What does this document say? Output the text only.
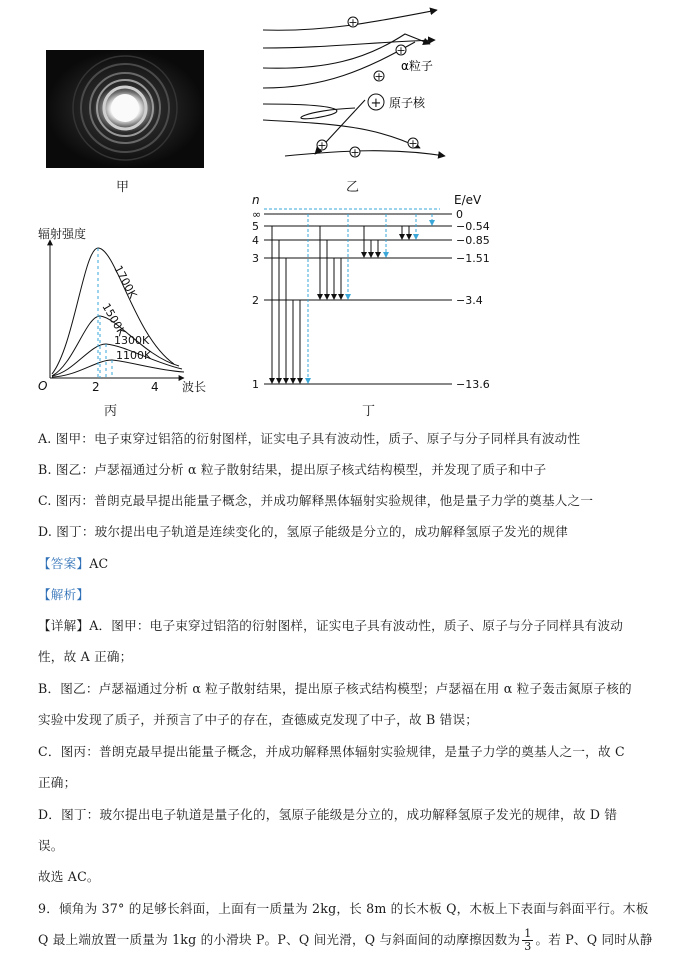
甲
+
+
+
+
+
+
+
α粒子
原子核
乙
辐射强度
波长
O	2	4
1700K
1500K
1300K
1100K
丙
∞	0
5	−0.54
4	−0.85
3	−1.51
2	−3.4
1	−13.6
n	E/eV
丁
A. 图甲：电子束穿过铝箔的衍射图样，证实电子具有波动性，质子、原子与分子同样具有波动性
B. 图乙：卢瑟福通过分析 α 粒子散射结果，提出原子核式结构模型，并发现了质子和中子
C. 图丙：普朗克最早提出能量子概念，并成功解释黑体辐射实验规律，他是量子力学的奠基人之一
D. 图丁：玻尔提出电子轨道是连续变化的，氢原子能级是分立的，成功解释氢原子发光的规律
【答案】AC
【解析】
【详解】A．图甲：电子束穿过铝箔的衍射图样，证实电子具有波动性，质子、原子与分子同样具有波动
性，故 A 正确；
B．图乙：卢瑟福通过分析 α 粒子散射结果，提出原子核式结构模型；卢瑟福在用 α 粒子轰击氮原子核的
实验中发现了质子，并预言了中子的存在，查德威克发现了中子，故 B 错误；
C．图丙：普朗克最早提出能量子概念，并成功解释黑体辐射实验规律，是量子力学的奠基人之一，故 C
正确；
D．图丁：玻尔提出电子轨道是量子化的，氢原子能级是分立的，成功解释氢原子发光的规律，故 D 错
误。
故选 AC。
9．倾角为 37° 的足够长斜面，上面有一质量为 2kg，长 8m 的长木板 Q，木板上下表面与斜面平行。木板
Q 最上端放置一质量为 1kg 的小滑块 P。P、Q 间光滑，Q 与斜面间的动摩擦因数为 $\frac{1}{3}$ 。若 P、Q 同时从静
